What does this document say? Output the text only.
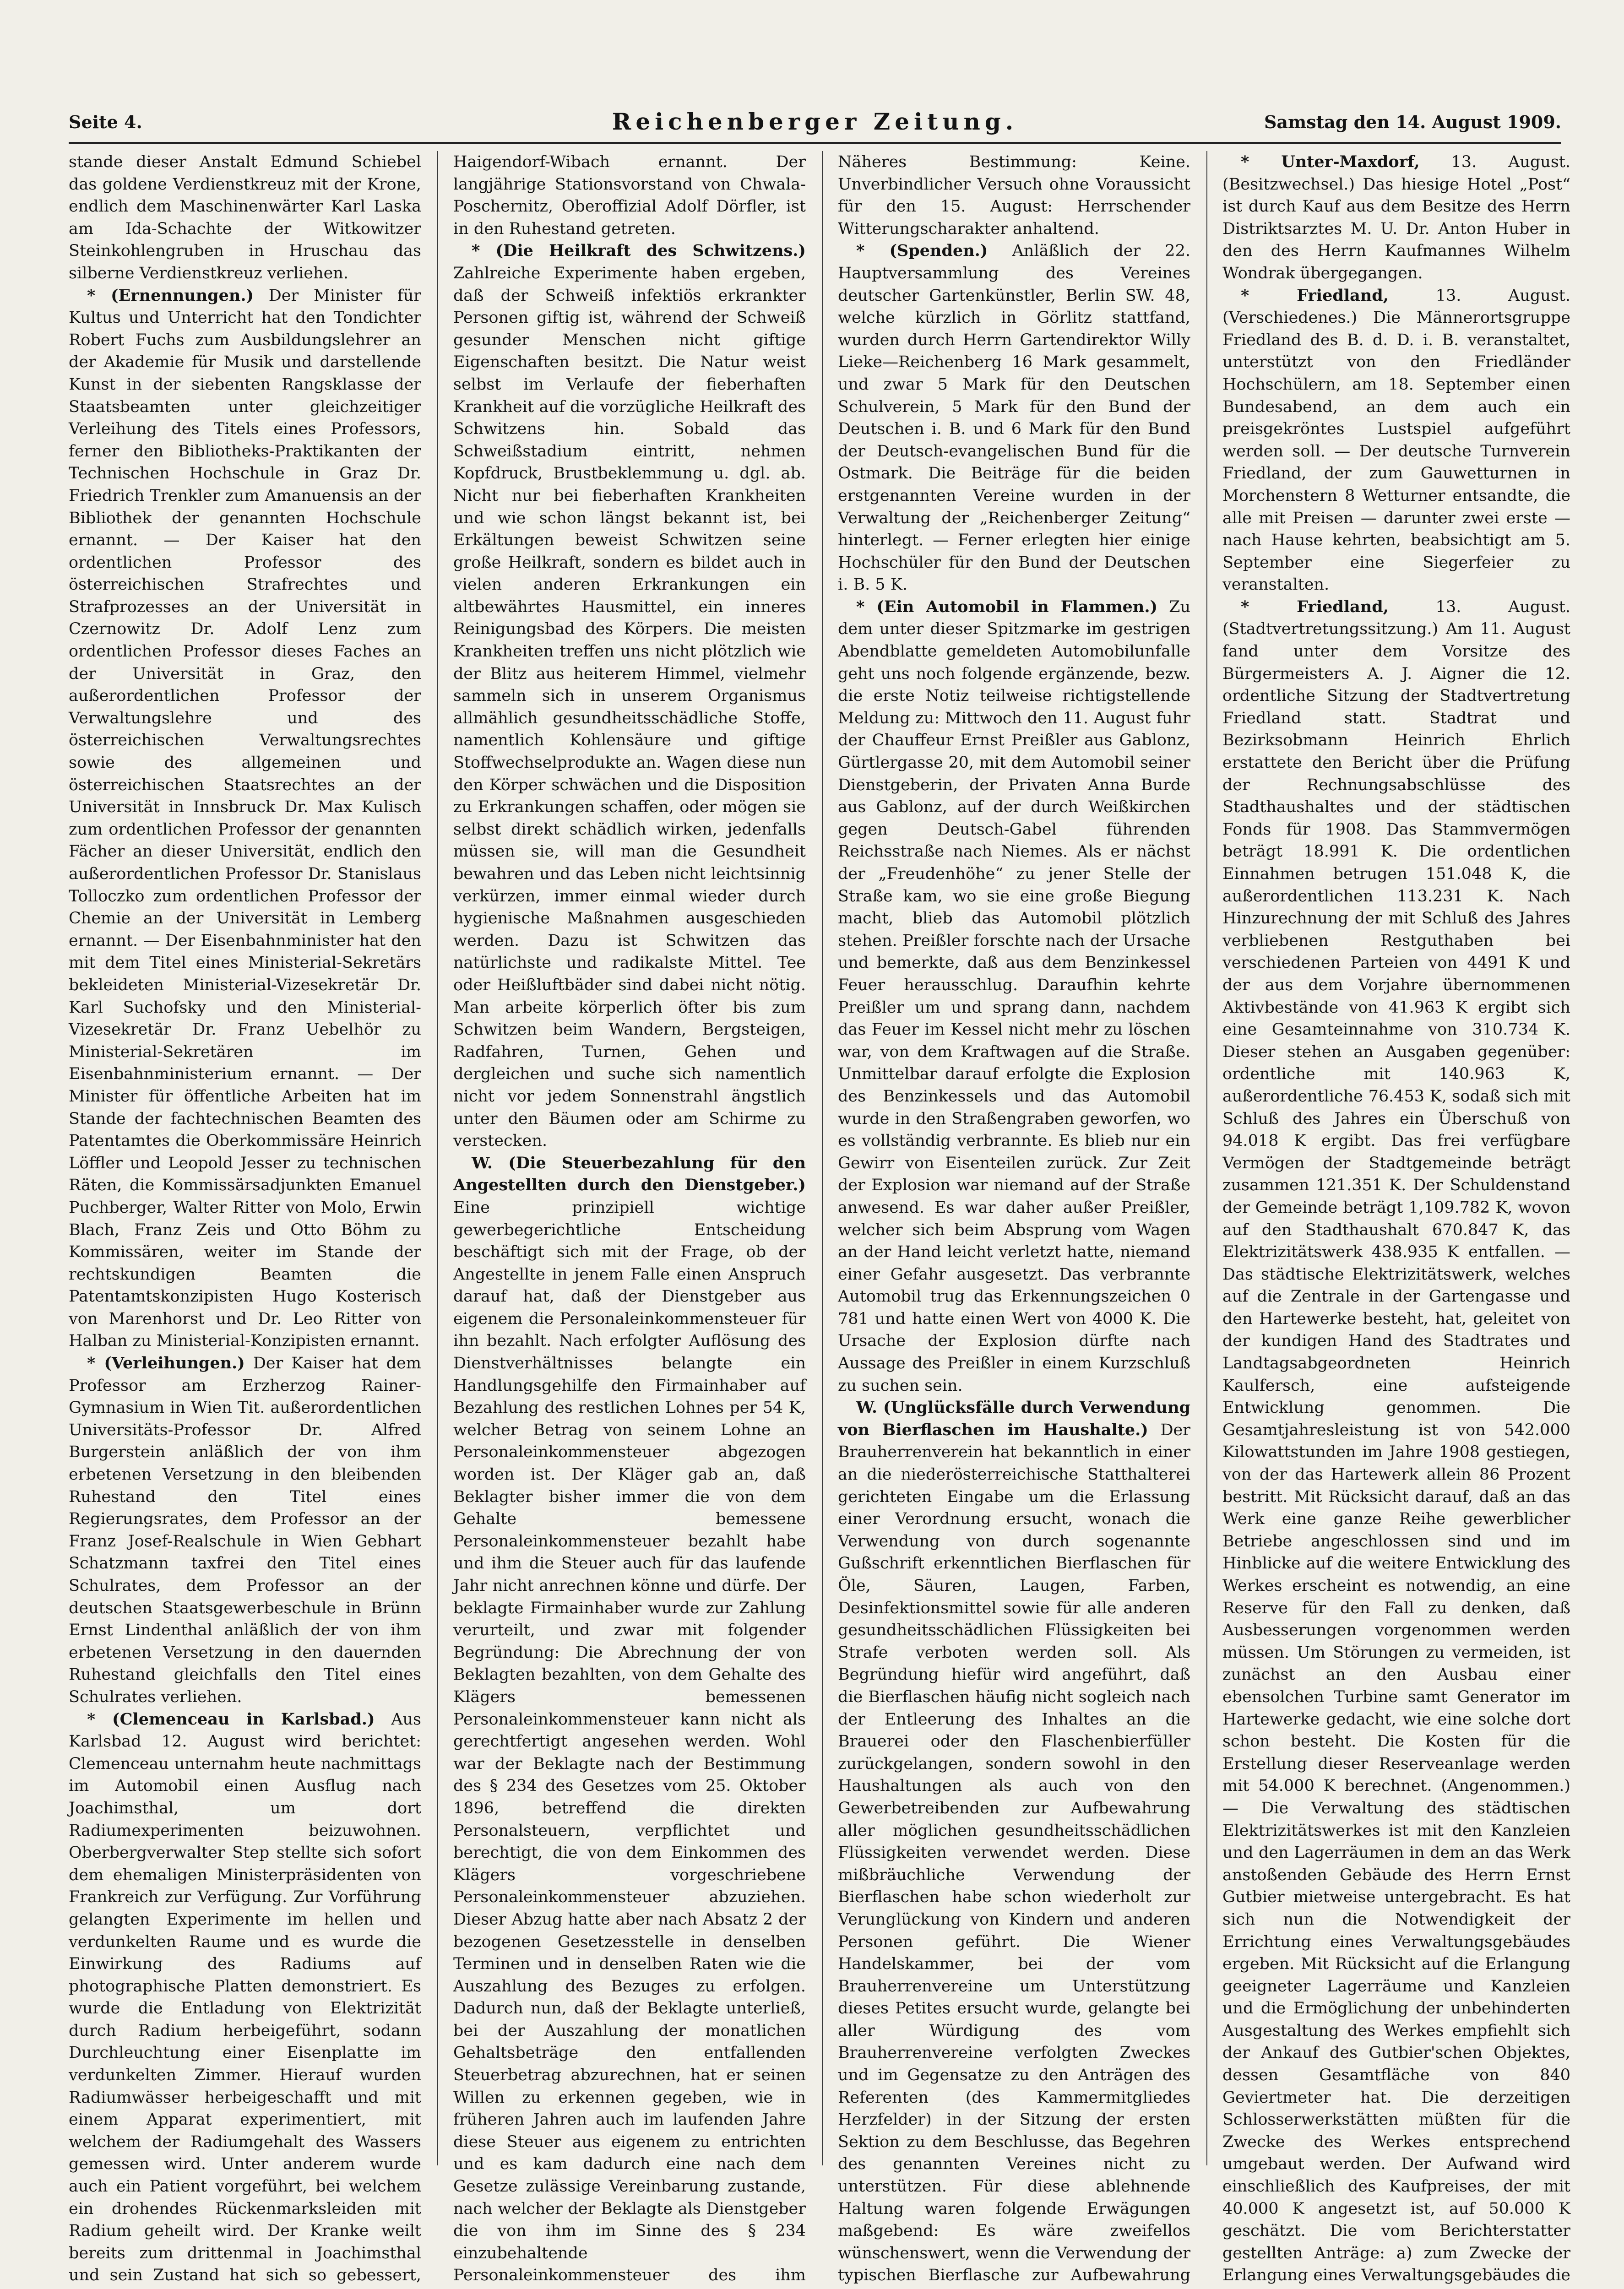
Seite 4.	Reichenberger Zeitung.	Samstag den 14. August 1909.

stande dieser Anstalt Edmund Schiebel das goldene Verdienstkreuz mit der Krone, endlich dem Maschinenwärter Karl Laska am Ida-Schachte der Witkowitzer Steinkohlengruben in Hruschau das silberne Verdienstkreuz verliehen.

* (Ernennungen.) Der Minister für Kultus und Unterricht hat den Tondichter Robert Fuchs zum Ausbildungslehrer an der Akademie für Musik und darstellende Kunst in der siebenten Rangsklasse der Staatsbeamten unter gleichzeitiger Verleihung des Titels eines Professors, ferner den Bibliotheks-Praktikanten der Technischen Hochschule in Graz Dr. Friedrich Trenkler zum Amanuensis an der Bibliothek der genannten Hochschule ernannt. — Der Kaiser hat den ordentlichen Professor des österreichischen Strafrechtes und Strafprozesses an der Universität in Czernowitz Dr. Adolf Lenz zum ordentlichen Professor dieses Faches an der Universität in Graz, den außerordentlichen Professor der Verwaltungslehre und des österreichischen Verwaltungsrechtes sowie des allgemeinen und österreichischen Staatsrechtes an der Universität in Innsbruck Dr. Max Kulisch zum ordentlichen Professor der genannten Fächer an dieser Universität, endlich den außerordentlichen Professor Dr. Stanislaus Tolloczko zum ordentlichen Professor der Chemie an der Universität in Lemberg ernannt. — Der Eisenbahnminister hat den mit dem Titel eines Ministerial-Sekretärs bekleideten Ministerial-Vizesekretär Dr. Karl Suchofsky und den Ministerial-Vizesekretär Dr. Franz Uebelhör zu Ministerial-Sekretären im Eisenbahnministerium ernannt. — Der Minister für öffentliche Arbeiten hat im Stande der fachtechnischen Beamten des Patentamtes die Oberkommissäre Heinrich Löffler und Leopold Jesser zu technischen Räten, die Kommissärsadjunkten Emanuel Puchberger, Walter Ritter von Molo, Erwin Blach, Franz Zeis und Otto Böhm zu Kommissären, weiter im Stande der rechtskundigen Beamten die Patentamtskonzipisten Hugo Kosterisch von Marenhorst und Dr. Leo Ritter von Halban zu Ministerial-Konzipisten ernannt.

* (Verleihungen.) Der Kaiser hat dem Professor am Erzherzog Rainer-Gymnasium in Wien Tit. außerordentlichen Universitäts-Professor Dr. Alfred Burgerstein anläßlich der von ihm erbetenen Versetzung in den bleibenden Ruhestand den Titel eines Regierungsrates, dem Professor an der Franz Josef-Realschule in Wien Gebhart Schatzmann taxfrei den Titel eines Schulrates, dem Professor an der deutschen Staatsgewerbeschule in Brünn Ernst Lindenthal anläßlich der von ihm erbetenen Versetzung in den dauernden Ruhestand gleichfalls den Titel eines Schulrates verliehen.

* (Clemenceau in Karlsbad.) Aus Karlsbad 12. August wird berichtet: Clemenceau unternahm heute nachmittags im Automobil einen Ausflug nach Joachimsthal, um dort Radiumexperimenten beizuwohnen. Oberbergverwalter Step stellte sich sofort dem ehemaligen Ministerpräsidenten von Frankreich zur Verfügung. Zur Vorführung gelangten Experimente im hellen und verdunkelten Raume und es wurde die Einwirkung des Radiums auf photographische Platten demonstriert. Es wurde die Entladung von Elektrizität durch Radium herbeigeführt, sodann Durchleuchtung einer Eisenplatte im verdunkelten Zimmer. Hierauf wurden Radiumwässer herbeigeschafft und mit einem Apparat experimentiert, mit welchem der Radiumgehalt des Wassers gemessen wird. Unter anderem wurde auch ein Patient vorgeführt, bei welchem ein drohendes Rückenmarksleiden mit Radium geheilt wird. Der Kranke weilt bereits zum drittenmal in Joachimsthal und sein Zustand hat sich so gebessert,

Haigendorf-Wibach ernannt. Der langjährige Stationsvorstand von Chwala-Poschernitz, Oberoffizial Adolf Dörfler, ist in den Ruhestand getreten.

* (Die Heilkraft des Schwitzens.) Zahlreiche Experimente haben ergeben, daß der Schweiß infektiös erkrankter Personen giftig ist, während der Schweiß gesunder Menschen nicht giftige Eigenschaften besitzt. Die Natur weist selbst im Verlaufe der fieberhaften Krankheit auf die vorzügliche Heilkraft des Schwitzens hin. Sobald das Schweißstadium eintritt, nehmen Kopfdruck, Brustbeklemmung u. dgl. ab. Nicht nur bei fieberhaften Krankheiten und wie schon längst bekannt ist, bei Erkältungen beweist Schwitzen seine große Heilkraft, sondern es bildet auch in vielen anderen Erkrankungen ein altbewährtes Hausmittel, ein inneres Reinigungsbad des Körpers. Die meisten Krankheiten treffen uns nicht plötzlich wie der Blitz aus heiterem Himmel, vielmehr sammeln sich in unserem Organismus allmählich gesundheitsschädliche Stoffe, namentlich Kohlensäure und giftige Stoffwechselprodukte an. Wagen diese nun den Körper schwächen und die Disposition zu Erkrankungen schaffen, oder mögen sie selbst direkt schädlich wirken, jedenfalls müssen sie, will man die Gesundheit bewahren und das Leben nicht leichtsinnig verkürzen, immer einmal wieder durch hygienische Maßnahmen ausgeschieden werden. Dazu ist Schwitzen das natürlichste und radikalste Mittel. Tee oder Heißluftbäder sind dabei nicht nötig. Man arbeite körperlich öfter bis zum Schwitzen beim Wandern, Bergsteigen, Radfahren, Turnen, Gehen und dergleichen und suche sich namentlich nicht vor jedem Sonnenstrahl ängstlich unter den Bäumen oder am Schirme zu verstecken.

W. (Die Steuerbezahlung für den Angestellten durch den Dienstgeber.) Eine prinzipiell wichtige gewerbegerichtliche Entscheidung beschäftigt sich mit der Frage, ob der Angestellte in jenem Falle einen Anspruch darauf hat, daß der Dienstgeber aus eigenem die Personaleinkommensteuer für ihn bezahlt. Nach erfolgter Auflösung des Dienstverhältnisses belangte ein Handlungsgehilfe den Firmainhaber auf Bezahlung des restlichen Lohnes per 54 K, welcher Betrag von seinem Lohne an Personaleinkommensteuer abgezogen worden ist. Der Kläger gab an, daß Beklagter bisher immer die von dem Gehalte bemessene Personaleinkommensteuer bezahlt habe und ihm die Steuer auch für das laufende Jahr nicht anrechnen könne und dürfe. Der beklagte Firmainhaber wurde zur Zahlung verurteilt, und zwar mit folgender Begründung: Die Abrechnung der von Beklagten bezahlten, von dem Gehalte des Klägers bemessenen Personaleinkommensteuer kann nicht als gerechtfertigt angesehen werden. Wohl war der Beklagte nach der Bestimmung des § 234 des Gesetzes vom 25. Oktober 1896, betreffend die direkten Personalsteuern, verpflichtet und berechtigt, die von dem Einkommen des Klägers vorgeschriebene Personaleinkommensteuer abzuziehen. Dieser Abzug hatte aber nach Absatz 2 der bezogenen Gesetzesstelle in denselben Terminen und in denselben Raten wie die Auszahlung des Bezuges zu erfolgen. Dadurch nun, daß der Beklagte unterließ, bei der Auszahlung der monatlichen Gehaltsbeträge den entfallenden Steuerbetrag abzurechnen, hat er seinen Willen zu erkennen gegeben, wie in früheren Jahren auch im laufenden Jahre diese Steuer aus eigenem zu entrichten und es kam dadurch eine nach dem Gesetze zulässige Vereinbarung zustande, nach welcher der Beklagte als Dienstgeber die von ihm im Sinne des § 234 einzubehaltende Personaleinkommensteuer des ihm

Näheres Bestimmung: Keine. Unverbindlicher Versuch ohne Voraussicht für den 15. August: Herrschender Witterungscharakter anhaltend.

* (Spenden.) Anläßlich der 22. Hauptversammlung des Vereines deutscher Gartenkünstler, Berlin SW. 48, welche kürzlich in Görlitz stattfand, wurden durch Herrn Gartendirektor Willy Lieke—Reichenberg 16 Mark gesammelt, und zwar 5 Mark für den Deutschen Schulverein, 5 Mark für den Bund der Deutschen i. B. und 6 Mark für den Bund der Deutsch-evangelischen Bund für die Ostmark. Die Beiträge für die beiden erstgenannten Vereine wurden in der Verwaltung der „Reichenberger Zeitung“ hinterlegt. — Ferner erlegten hier einige Hochschüler für den Bund der Deutschen i. B. 5 K.

* (Ein Automobil in Flammen.) Zu dem unter dieser Spitzmarke im gestrigen Abendblatte gemeldeten Automobilunfalle geht uns noch folgende ergänzende, bezw. die erste Notiz teilweise richtigstellende Meldung zu: Mittwoch den 11. August fuhr der Chauffeur Ernst Preißler aus Gablonz, Gürtlergasse 20, mit dem Automobil seiner Dienstgeberin, der Privaten Anna Burde aus Gablonz, auf der durch Weißkirchen gegen Deutsch-Gabel führenden Reichsstraße nach Niemes. Als er nächst der „Freudenhöhe“ zu jener Stelle der Straße kam, wo sie eine große Biegung macht, blieb das Automobil plötzlich stehen. Preißler forschte nach der Ursache und bemerkte, daß aus dem Benzinkessel Feuer herausschlug. Daraufhin kehrte Preißler um und sprang dann, nachdem das Feuer im Kessel nicht mehr zu löschen war, von dem Kraftwagen auf die Straße. Unmittelbar darauf erfolgte die Explosion des Benzinkessels und das Automobil wurde in den Straßengraben geworfen, wo es vollständig verbrannte. Es blieb nur ein Gewirr von Eisenteilen zurück. Zur Zeit der Explosion war niemand auf der Straße anwesend. Es war daher außer Preißler, welcher sich beim Absprung vom Wagen an der Hand leicht verletzt hatte, niemand einer Gefahr ausgesetzt. Das verbrannte Automobil trug das Erkennungszeichen 0 781 und hatte einen Wert von 4000 K. Die Ursache der Explosion dürfte nach Aussage des Preißler in einem Kurzschluß zu suchen sein.

W. (Unglücksfälle durch Verwendung von Bierflaschen im Haushalte.) Der Brauherrenverein hat bekanntlich in einer an die niederösterreichische Statthalterei gerichteten Eingabe um die Erlassung einer Verordnung ersucht, wonach die Verwendung von durch sogenannte Gußschrift erkenntlichen Bierflaschen für Öle, Säuren, Laugen, Farben, Desinfektionsmittel sowie für alle anderen gesundheitsschädlichen Flüssigkeiten bei Strafe verboten werden soll. Als Begründung hiefür wird angeführt, daß die Bierflaschen häufig nicht sogleich nach der Entleerung des Inhaltes an die Brauerei oder den Flaschenbierfüller zurückgelangen, sondern sowohl in den Haushaltungen als auch von den Gewerbetreibenden zur Aufbewahrung aller möglichen gesundheitsschädlichen Flüssigkeiten verwendet werden. Diese mißbräuchliche Verwendung der Bierflaschen habe schon wiederholt zur Verunglückung von Kindern und anderen Personen geführt. Die Wiener Handelskammer, bei der vom Brauherrenvereine um Unterstützung dieses Petites ersucht wurde, gelangte bei aller Würdigung des vom Brauherrenvereine verfolgten Zweckes und im Gegensatze zu den Anträgen des Referenten (des Kammermitgliedes Herzfelder) in der Sitzung der ersten Sektion zu dem Beschlusse, das Begehren des genannten Vereines nicht zu unterstützen. Für diese ablehnende Haltung waren folgende Erwägungen maßgebend: Es wäre zweifellos wünschenswert, wenn die Verwendung der typischen Bierflasche zur Aufbewahrung

* Unter-Maxdorf, 13. August. (Besitzwechsel.) Das hiesige Hotel „Post“ ist durch Kauf aus dem Besitze des Herrn Distriktsarztes M. U. Dr. Anton Huber in den des Herrn Kaufmannes Wilhelm Wondrak übergegangen.

* Friedland,	13. August. (Verschiedenes.) Die Männerortsgruppe Friedland des B. d. D. i. B. veranstaltet, unterstützt von den Friedländer Hochschülern, am 18. September einen Bundesabend, an dem auch ein preisgekröntes Lustspiel aufgeführt werden soll. — Der deutsche Turnverein Friedland, der zum Gauwetturnen in Morchenstern 8 Wetturner entsandte, die alle mit Preisen — darunter zwei erste — nach Hause kehrten, beabsichtigt am 5. September eine Siegerfeier zu veranstalten.

* Friedland,	13. August. (Stadtvertretungssitzung.) Am 11. August fand unter dem Vorsitze des Bürgermeisters A. J. Aigner die 12. ordentliche Sitzung der Stadtvertretung Friedland statt. Stadtrat und Bezirksobmann Heinrich Ehrlich erstattete den Bericht über die Prüfung der Rechnungsabschlüsse des Stadthaushaltes und der städtischen Fonds für 1908. Das Stammvermögen beträgt 18.991 K. Die ordentlichen Einnahmen betrugen 151.048 K, die außerordentlichen 113.231 K. Nach Hinzurechnung der mit Schluß des Jahres verbliebenen Restguthaben bei verschiedenen Parteien von 4491 K und der aus dem Vorjahre übernommenen Aktivbestände von 41.963 K ergibt sich eine Gesamteinnahme von 310.734 K. Dieser stehen an Ausgaben gegenüber: ordentliche mit 140.963 K, außerordentliche 76.453 K, sodaß sich mit Schluß des Jahres ein Überschuß von 94.018 K ergibt. Das frei verfügbare Vermögen der Stadtgemeinde beträgt zusammen 121.351 K. Der Schuldenstand der Gemeinde beträgt 1,109.782 K, wovon auf den Stadthaushalt 670.847 K, das Elektrizitätswerk 438.935 K entfallen. — Das städtische Elektrizitätswerk, welches auf die Zentrale in der Gartengasse und den Hartewerke besteht, hat, geleitet von der kundigen Hand des Stadtrates und Landtagsabgeordneten Heinrich Kaulfersch, eine aufsteigende Entwicklung genommen. Die Gesamtjahresleistung ist von 542.000 Kilowattstunden im Jahre 1908 gestiegen, von der das Hartewerk allein 86 Prozent bestritt. Mit Rücksicht darauf, daß an das Werk eine ganze Reihe gewerblicher Betriebe angeschlossen sind und im Hinblicke auf die weitere Entwicklung des Werkes erscheint es notwendig, an eine Reserve für den Fall zu denken, daß Ausbesserungen vorgenommen werden müssen. Um Störungen zu vermeiden, ist zunächst an den Ausbau einer ebensolchen Turbine samt Generator im Hartewerke gedacht, wie eine solche dort schon besteht. Die Kosten für die Erstellung dieser Reserveanlage werden mit 54.000 K berechnet. (Angenommen.) — Die Verwaltung des städtischen Elektrizitätswerkes ist mit den Kanzleien und den Lagerräumen in dem an das Werk anstoßenden Gebäude des Herrn Ernst Gutbier mietweise untergebracht. Es hat sich nun die Notwendigkeit der Errichtung eines Verwaltungsgebäudes ergeben. Mit Rücksicht auf die Erlangung geeigneter Lagerräume und Kanzleien und die Ermöglichung der unbehinderten Ausgestaltung des Werkes empfiehlt sich der Ankauf des Gutbier'schen Objektes, dessen Gesamtfläche von 840 Geviertmeter hat. Die derzeitigen Schlosserwerkstätten müßten für die Zwecke des Werkes entsprechend umgebaut werden. Der Aufwand wird einschließlich des Kaufpreises, der mit 40.000 K angesetzt ist, auf 50.000 K geschätzt. Die vom Berichterstatter gestellten Anträge: a) zum Zwecke der Erlangung eines Verwaltungsgebäudes die
